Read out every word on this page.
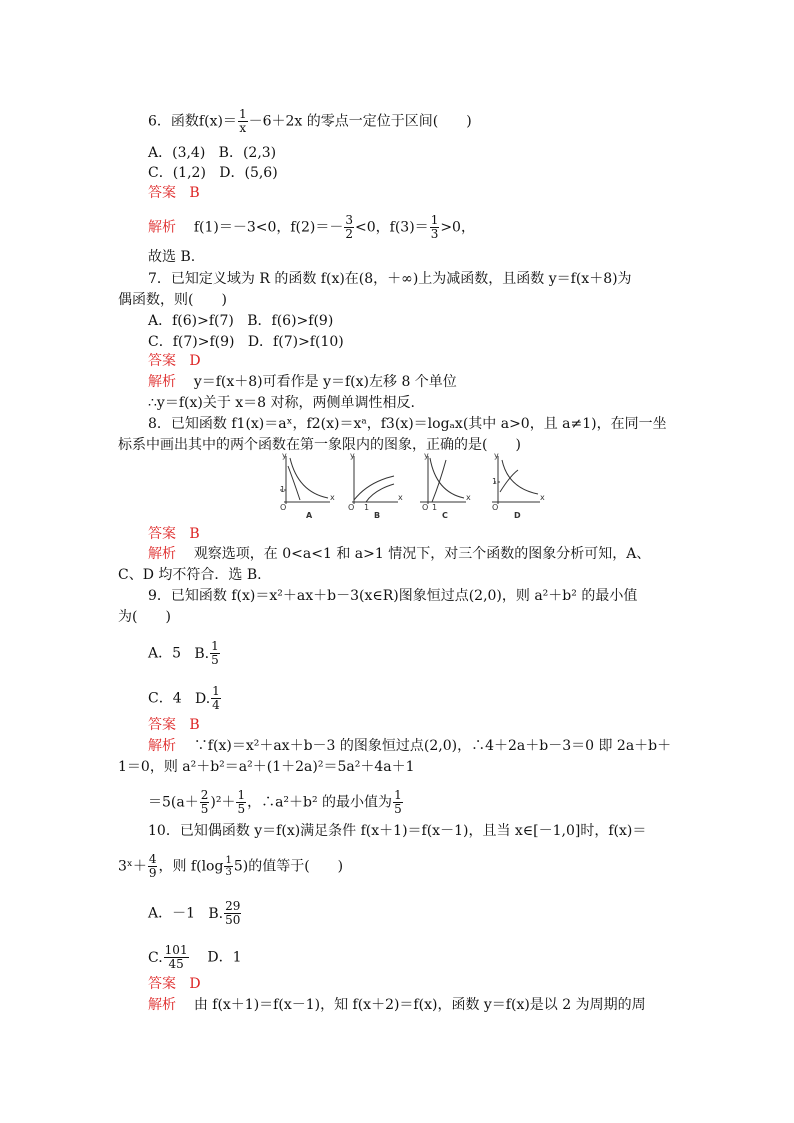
6．函数$f(x)= \frac{1}{x} -6+2x$ 的零点一定位于区间(　　)
A．(3,4) B．(2,3)
C．(1,2) D．(5,6)
答案 B
解析 f(1)＝－3<0，$f(2)=- \frac{3}{2} <0$，$f(3)= \frac{1}{3} >0$，
故选 B.
7．已知定义域为 R 的函数 f(x)在(8，＋∞)上为减函数，且函数 y＝f(x＋8)为
偶函数，则(　　)
A．f(6)>f(7) B．f(6)>f(9)
C．f(7)>f(9) D．f(7)>f(10)
答案 D
解析 y＝f(x＋8)可看作是 y＝f(x)左移 8 个单位
∴y＝f(x)关于 x＝8 对称，两侧单调性相反.
8．已知函数 f1(x)＝aˣ，f2(x)＝xᵃ，f3(x)＝logₐx(其中 a>0，且 a≠1)，在同一坐
标系中画出其中的两个函数在第一象限内的图象，正确的是(　　)
y
x
O
1
y
x
O 1
y
x
O 1
y
x
O
1
A	B	C	D
答案 B
解析 观察选项，在 0<a<1 和 a>1 情况下，对三个函数的图象分析可知，A、
C、D 均不符合．选 B.
9．已知函数 f(x)＝x²＋ax＋b－3(x∈R)图象恒过点(2,0)，则 a²＋b² 的最小值
为(　　)
A．5 B. $\frac{1}{5}$
C．4 D. $\frac{1}{4}$
答案 B
解析 ∵f(x)＝x²＋ax＋b－3 的图象恒过点(2,0)，∴4＋2a＋b－3＝0 即 2a＋b＋
1＝0，则 a²＋b²＝a²＋(1＋2a)²＝5a²＋4a＋1
$=5(a+ \frac{2}{5} )^2+ \frac{1}{5}$ ，∴a²＋b² 的最小值为 $\frac{1}{5}$
10．已知偶函数 y＝f(x)满足条件 f(x＋1)＝f(x－1)，且当 x∈[－1,0]时，f(x)＝
3ˣ＋ $\frac{4}{9}$ ，则 $f(\log \frac{1}{3} 5)$的值等于(　　)
A．－1 B. $\frac{29}{50}$
C. $\frac{101}{45}$ D．1
答案 D
解析 由 f(x＋1)＝f(x－1)，知 f(x＋2)＝f(x)，函数 y＝f(x)是以 2 为周期的周
